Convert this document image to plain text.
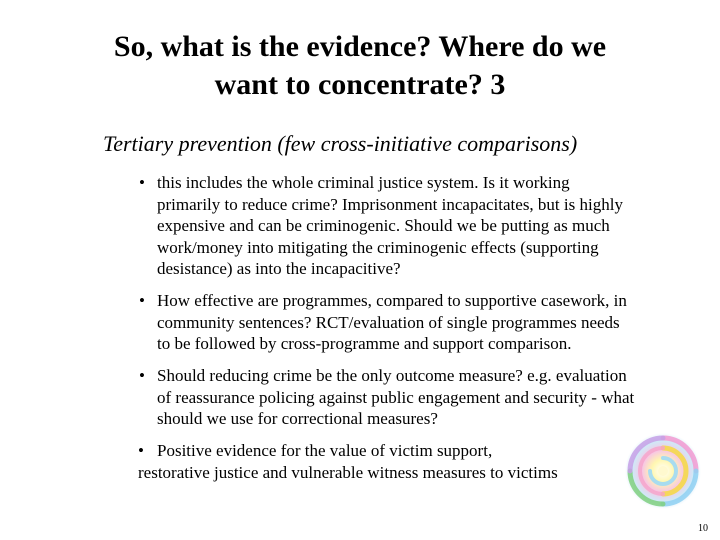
So, what is the evidence? Where do we
want to concentrate? 3
Tertiary prevention (few cross-initiative comparisons)
• this includes the whole criminal justice system. Is it working
primarily to reduce crime? Imprisonment incapacitates, but is highly
expensive and can be criminogenic. Should we be putting as much
work/money into mitigating the criminogenic effects (supporting
desistance) as into the incapacitive?
• How effective are programmes, compared to supportive casework, in
community sentences? RCT/evaluation of single programmes needs
to be followed by cross-programme and support comparison.
• Should reducing crime be the only outcome measure? e.g. evaluation
of reassurance policing against public engagement and security - what
should we use for correctional measures?
• Positive evidence for the value of victim support,
restorative justice and vulnerable witness measures to victims
10
